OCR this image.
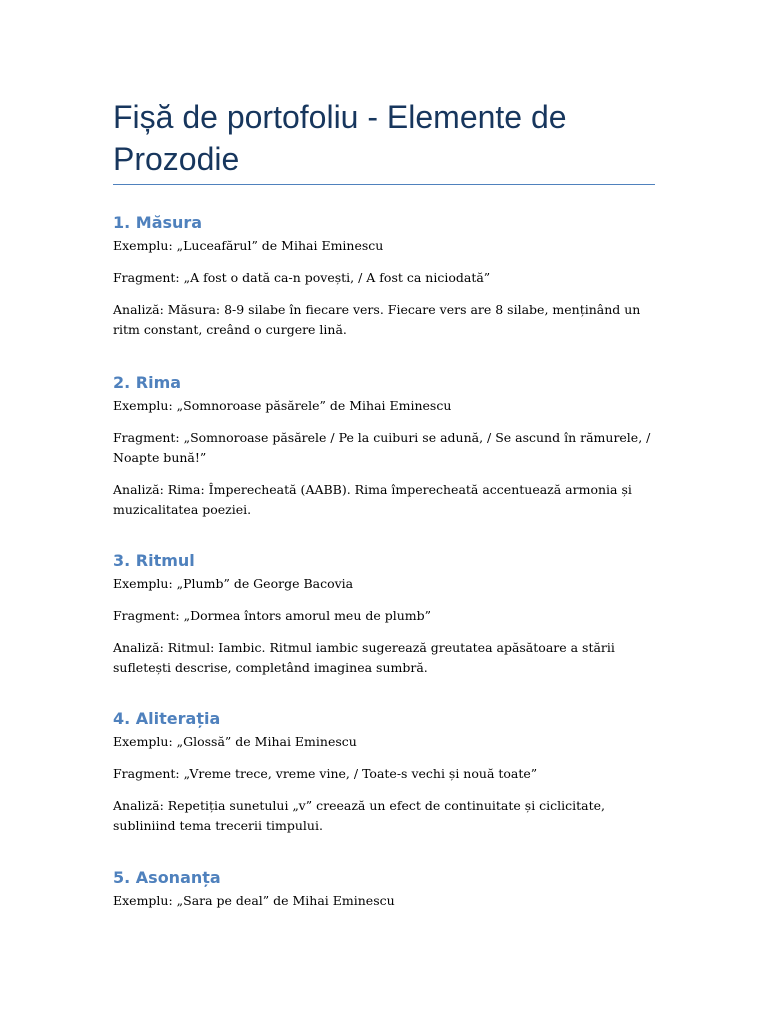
Fișă de portofoliu - Elemente de Prozodie
1. Măsura

Exemplu: „Luceafărul” de Mihai Eminescu

Fragment: „A fost o dată ca-n povești, / A fost ca niciodată”

Analiză: Măsura: 8-9 silabe în fiecare vers. Fiecare vers are 8 silabe, menținând un ritm constant, creând o curgere lină.

2. Rima

Exemplu: „Somnoroase păsărele” de Mihai Eminescu

Fragment: „Somnoroase păsărele / Pe la cuiburi se adună, / Se ascund în rămurele, / Noapte bună!”

Analiză: Rima: Împerecheată (AABB). Rima împerecheată accentuează armonia și muzicalitatea poeziei.

3. Ritmul

Exemplu: „Plumb” de George Bacovia

Fragment: „Dormea întors amorul meu de plumb”

Analiză: Ritmul: Iambic. Ritmul iambic sugerează greutatea apăsătoare a stării sufletești descrise, completând imaginea sumbră.

4. Aliterația

Exemplu: „Glossă” de Mihai Eminescu

Fragment: „Vreme trece, vreme vine, / Toate-s vechi și nouă toate”

Analiză: Repetiția sunetului „v” creează un efect de continuitate și ciclicitate, subliniind tema trecerii timpului.

5. Asonanța

Exemplu: „Sara pe deal” de Mihai Eminescu
